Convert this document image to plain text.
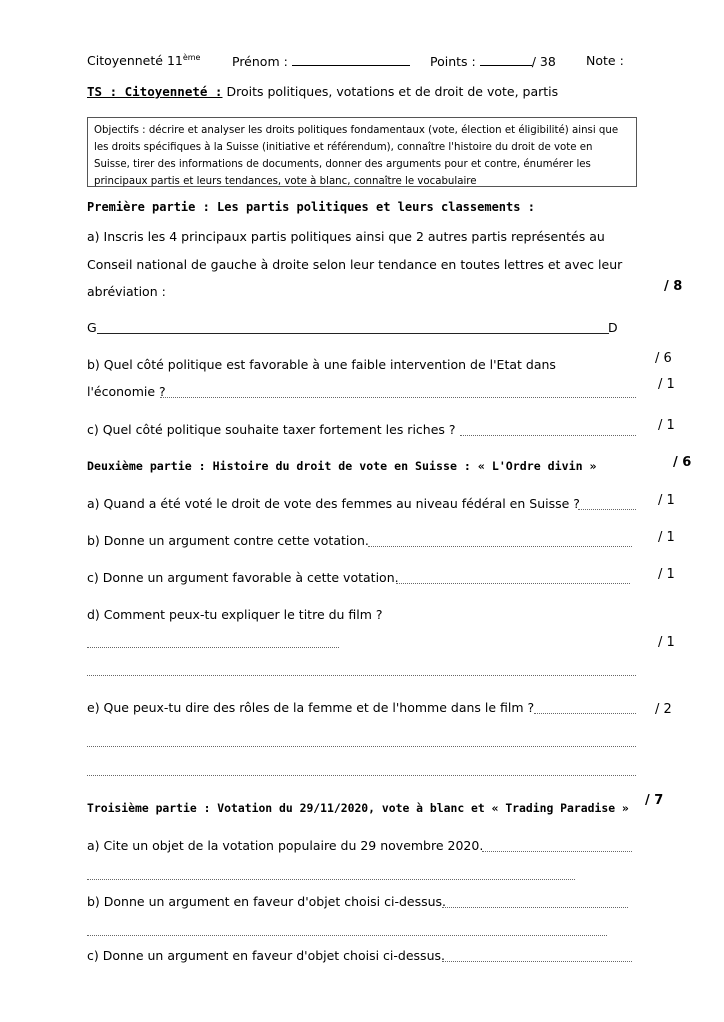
Citoyenneté 11ème	Prénom :	Points :	/ 38 Note :
TS : Citoyenneté : Droits politiques, votations et de droit de vote, partis
Objectifs : décrire et analyser les droits politiques fondamentaux (vote, élection et éligibilité) ainsi que
les droits spécifiques à la Suisse (initiative et référendum), connaître l'histoire du droit de vote en
Suisse, tirer des informations de documents, donner des arguments pour et contre, énumérer les
principaux partis et leurs tendances, vote à blanc, connaître le vocabulaire
Première partie : Les partis politiques et leurs classements :
a) Inscris les 4 principaux partis politiques ainsi que 2 autres partis représentés au
Conseil national de gauche à droite selon leur tendance en toutes lettres et avec leur
abréviation :	/ 8
G	D
/ 6
b) Quel côté politique est favorable à une faible intervention de l'Etat dans
l'économie ?	/ 1
c) Quel côté politique souhaite taxer fortement les riches ?	/ 1
Deuxième partie : Histoire du droit de vote en Suisse : « L'Ordre divin »	/ 6
a) Quand a été voté le droit de vote des femmes au niveau fédéral en Suisse ?	/ 1
b) Donne un argument contre cette votation.	/ 1
c) Donne un argument favorable à cette votation.	/ 1
d) Comment peux-tu expliquer le titre du film ?
/ 1
e) Que peux-tu dire des rôles de la femme et de l'homme dans le film ?	/ 2
Troisième partie : Votation du 29/11/2020, vote à blanc et « Trading Paradise » / 7
a) Cite un objet de la votation populaire du 29 novembre 2020.
b) Donne un argument en faveur d'objet choisi ci-dessus.
c) Donne un argument en faveur d'objet choisi ci-dessus.
